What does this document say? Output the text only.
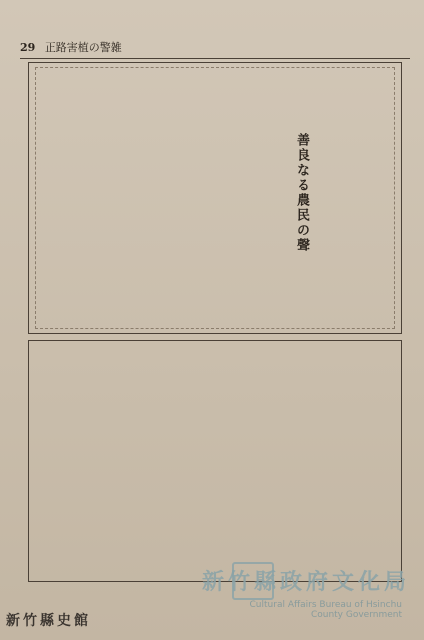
29 正路害植の警雑
善良なる農民の聲
新竹縣政府文化局
Cultural Affairs Bureau of Hsinchu
County Government
新竹縣史館
